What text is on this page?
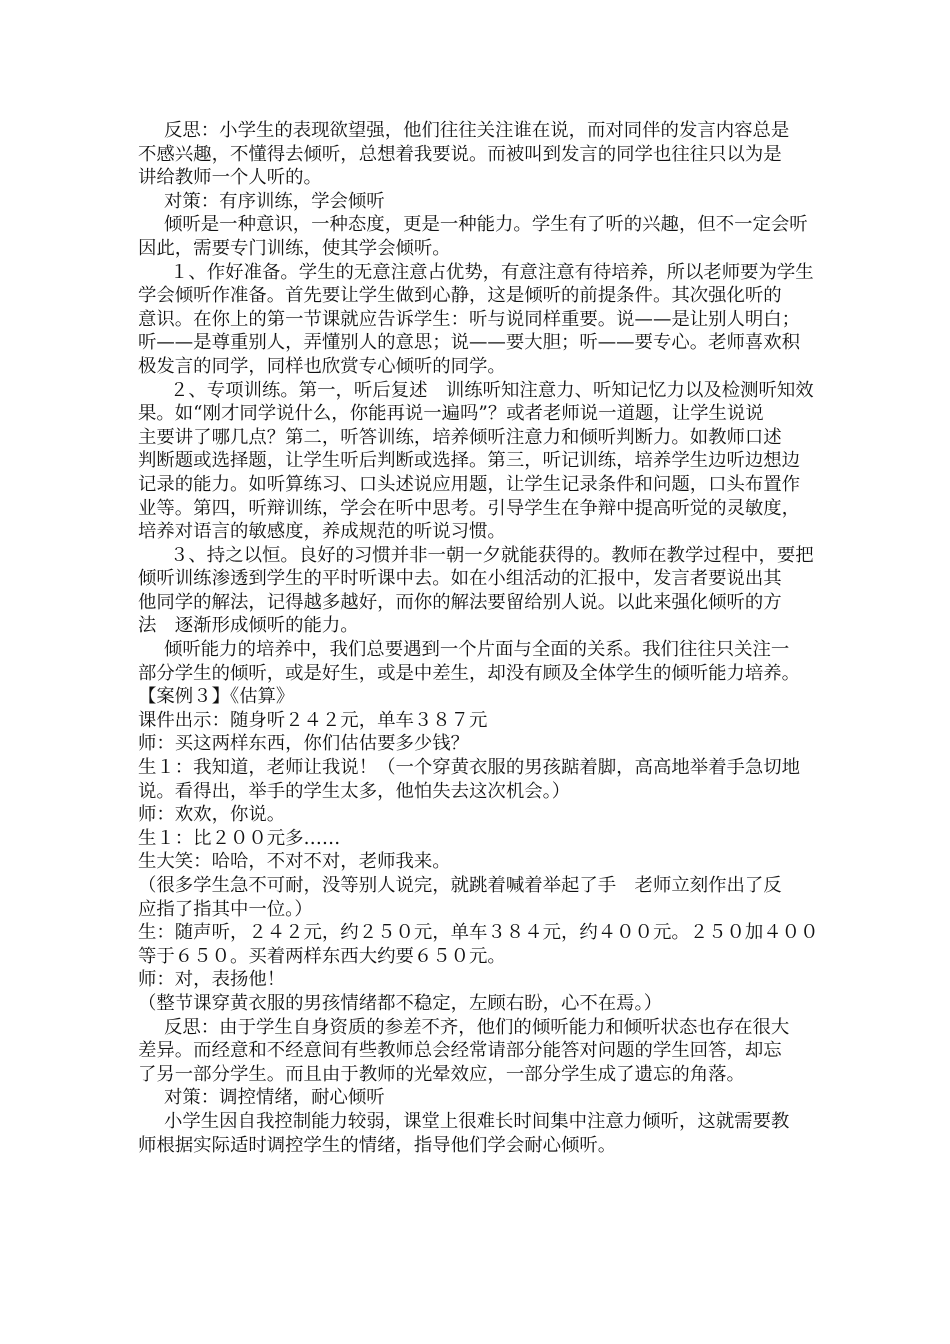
反思：小学生的表现欲望强，他们往往关注谁在说，而对同伴的发言内容总是
不感兴趣，不懂得去倾听，总想着我要说。而被叫到发言的同学也往往只以为是
讲给教师一个人听的。
对策：有序训练，学会倾听
倾听是一种意识，一种态度，更是一种能力。学生有了听的兴趣，但不一定会听
因此，需要专门训练，使其学会倾听。
１、作好准备。学生的无意注意占优势，有意注意有待培养，所以老师要为学生
学会倾听作准备。首先要让学生做到心静，这是倾听的前提条件。其次强化听的
意识。在你上的第一节课就应告诉学生：听与说同样重要。说——是让别人明白；
听——是尊重别人，弄懂别人的意思；说——要大胆；听——要专心。老师喜欢积
极发言的同学，同样也欣赏专心倾听的同学。
２、专项训练。第一，听后复述　训练听知注意力、听知记忆力以及检测听知效
果。如“刚才同学说什么，你能再说一遍吗”？或者老师说一道题，让学生说说
主要讲了哪几点？第二，听答训练，培养倾听注意力和倾听判断力。如教师口述
判断题或选择题，让学生听后判断或选择。第三，听记训练，培养学生边听边想边
记录的能力。如听算练习、口头述说应用题，让学生记录条件和问题，口头布置作
业等。第四，听辩训练，学会在听中思考。引导学生在争辩中提高听觉的灵敏度，
培养对语言的敏感度，养成规范的听说习惯。
３、持之以恒。良好的习惯并非一朝一夕就能获得的。教师在教学过程中，要把
倾听训练渗透到学生的平时听课中去。如在小组活动的汇报中，发言者要说出其
他同学的解法，记得越多越好，而你的解法要留给别人说。以此来强化倾听的方
法　逐渐形成倾听的能力。
倾听能力的培养中，我们总要遇到一个片面与全面的关系。我们往往只关注一
部分学生的倾听，或是好生，或是中差生，却没有顾及全体学生的倾听能力培养。
【案例３】《估算》
课件出示：随身听２４２元，单车３８７元
师：买这两样东西，你们估估要多少钱？
生１：我知道，老师让我说！（一个穿黄衣服的男孩踮着脚，高高地举着手急切地
说。看得出，举手的学生太多，他怕失去这次机会。）
师：欢欢，你说。
生１：比２００元多……
生大笑：哈哈，不对不对，老师我来。
（很多学生急不可耐，没等别人说完，就跳着喊着举起了手　老师立刻作出了反
应指了指其中一位。）
生：随声听，２４２元，约２５０元，单车３８４元，约４００元。２５０加４００
等于６５０。买着两样东西大约要６５０元。
师：对，表扬他！
（整节课穿黄衣服的男孩情绪都不稳定，左顾右盼，心不在焉。）
反思：由于学生自身资质的参差不齐，他们的倾听能力和倾听状态也存在很大
差异。而经意和不经意间有些教师总会经常请部分能答对问题的学生回答，却忘
了另一部分学生。而且由于教师的光晕效应，一部分学生成了遗忘的角落。
对策：调控情绪，耐心倾听
小学生因自我控制能力较弱，课堂上很难长时间集中注意力倾听，这就需要教
师根据实际适时调控学生的情绪，指导他们学会耐心倾听。
